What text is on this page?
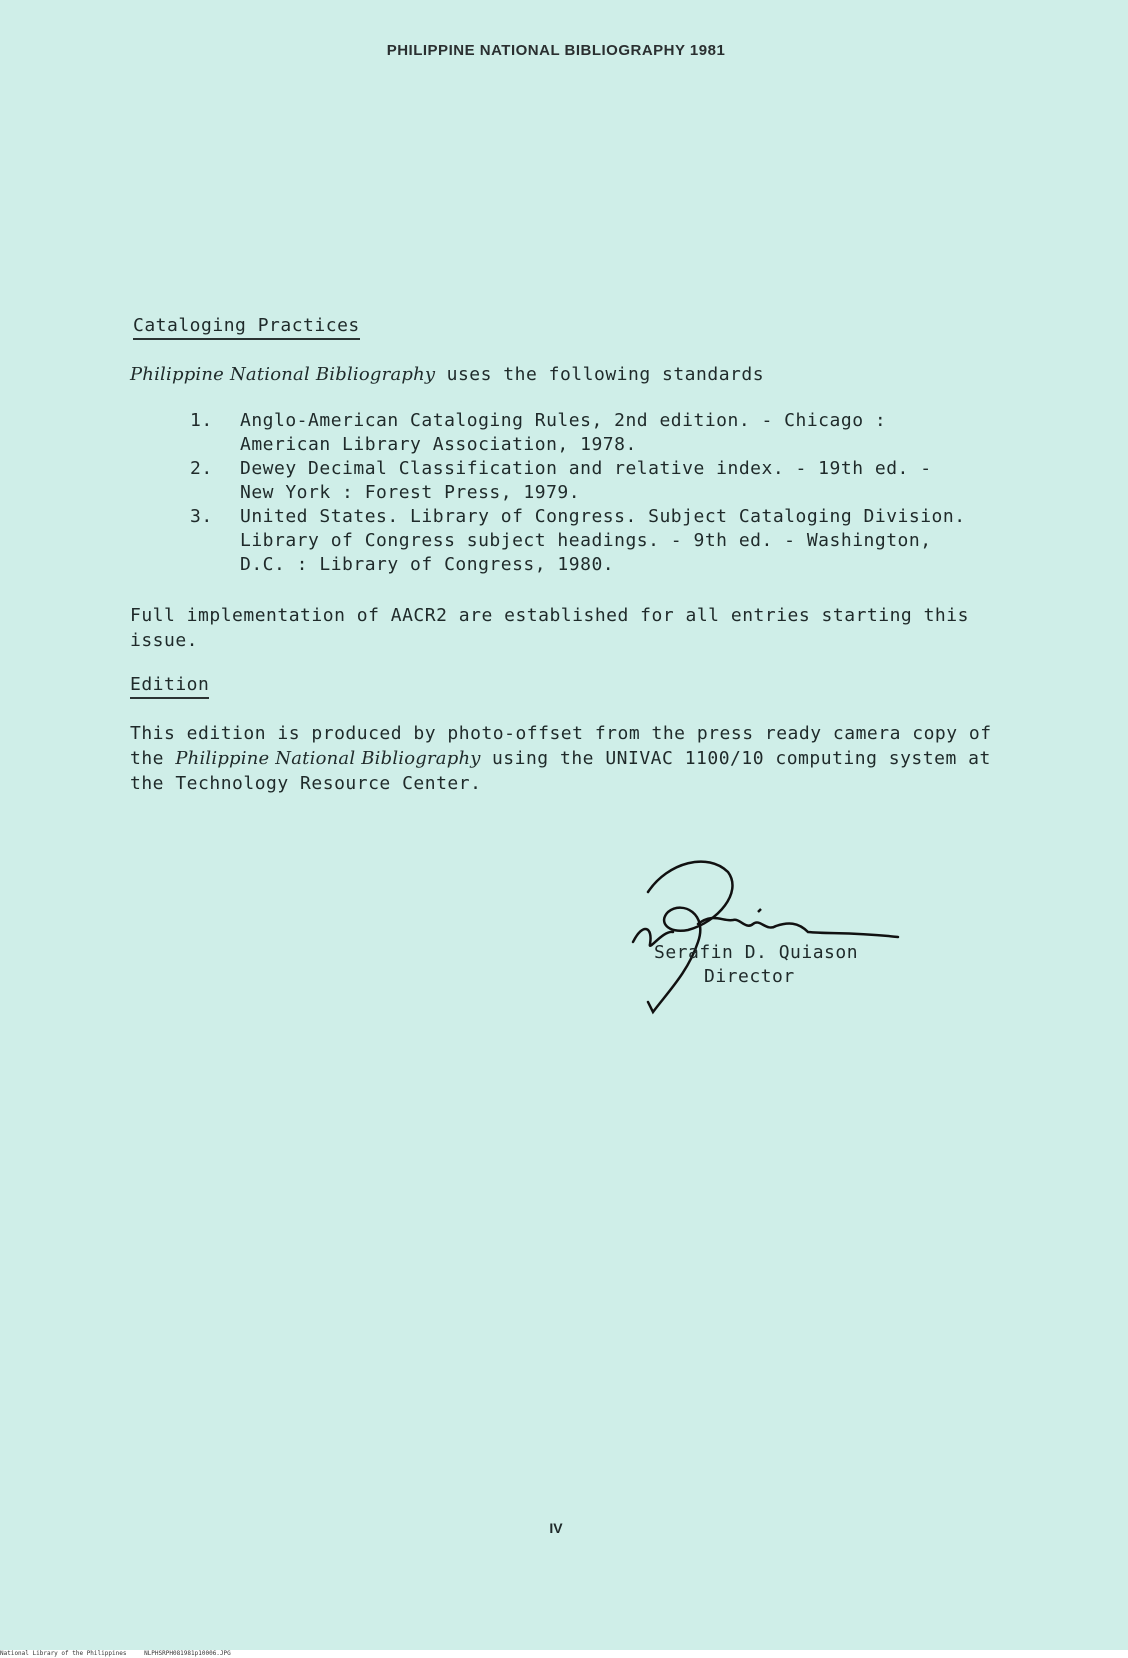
PHILIPPINE NATIONAL BIBLIOGRAPHY 1981
Cataloging Practices
Philippine National Bibliography uses the following standards
1. Anglo-American Cataloging Rules, 2nd edition. - Chicago :
American Library Association, 1978.
2. Dewey Decimal Classification and relative index. - 19th ed. -
New York : Forest Press, 1979.
3. United States. Library of Congress. Subject Cataloging Division.
Library of Congress subject headings. - 9th ed. - Washington,
D.C. : Library of Congress, 1980.
Full implementation of AACR2 are established for all entries starting this issue.
Edition
This edition is produced by photo-offset from the press ready camera copy of the Philippine National Bibliography using the UNIVAC 1100/10 computing system at the Technology Resource Center.
Serafin D. Quiason
Director
IV
National Library of the Philippines	NLPHSRPH081981p10006.JPG
